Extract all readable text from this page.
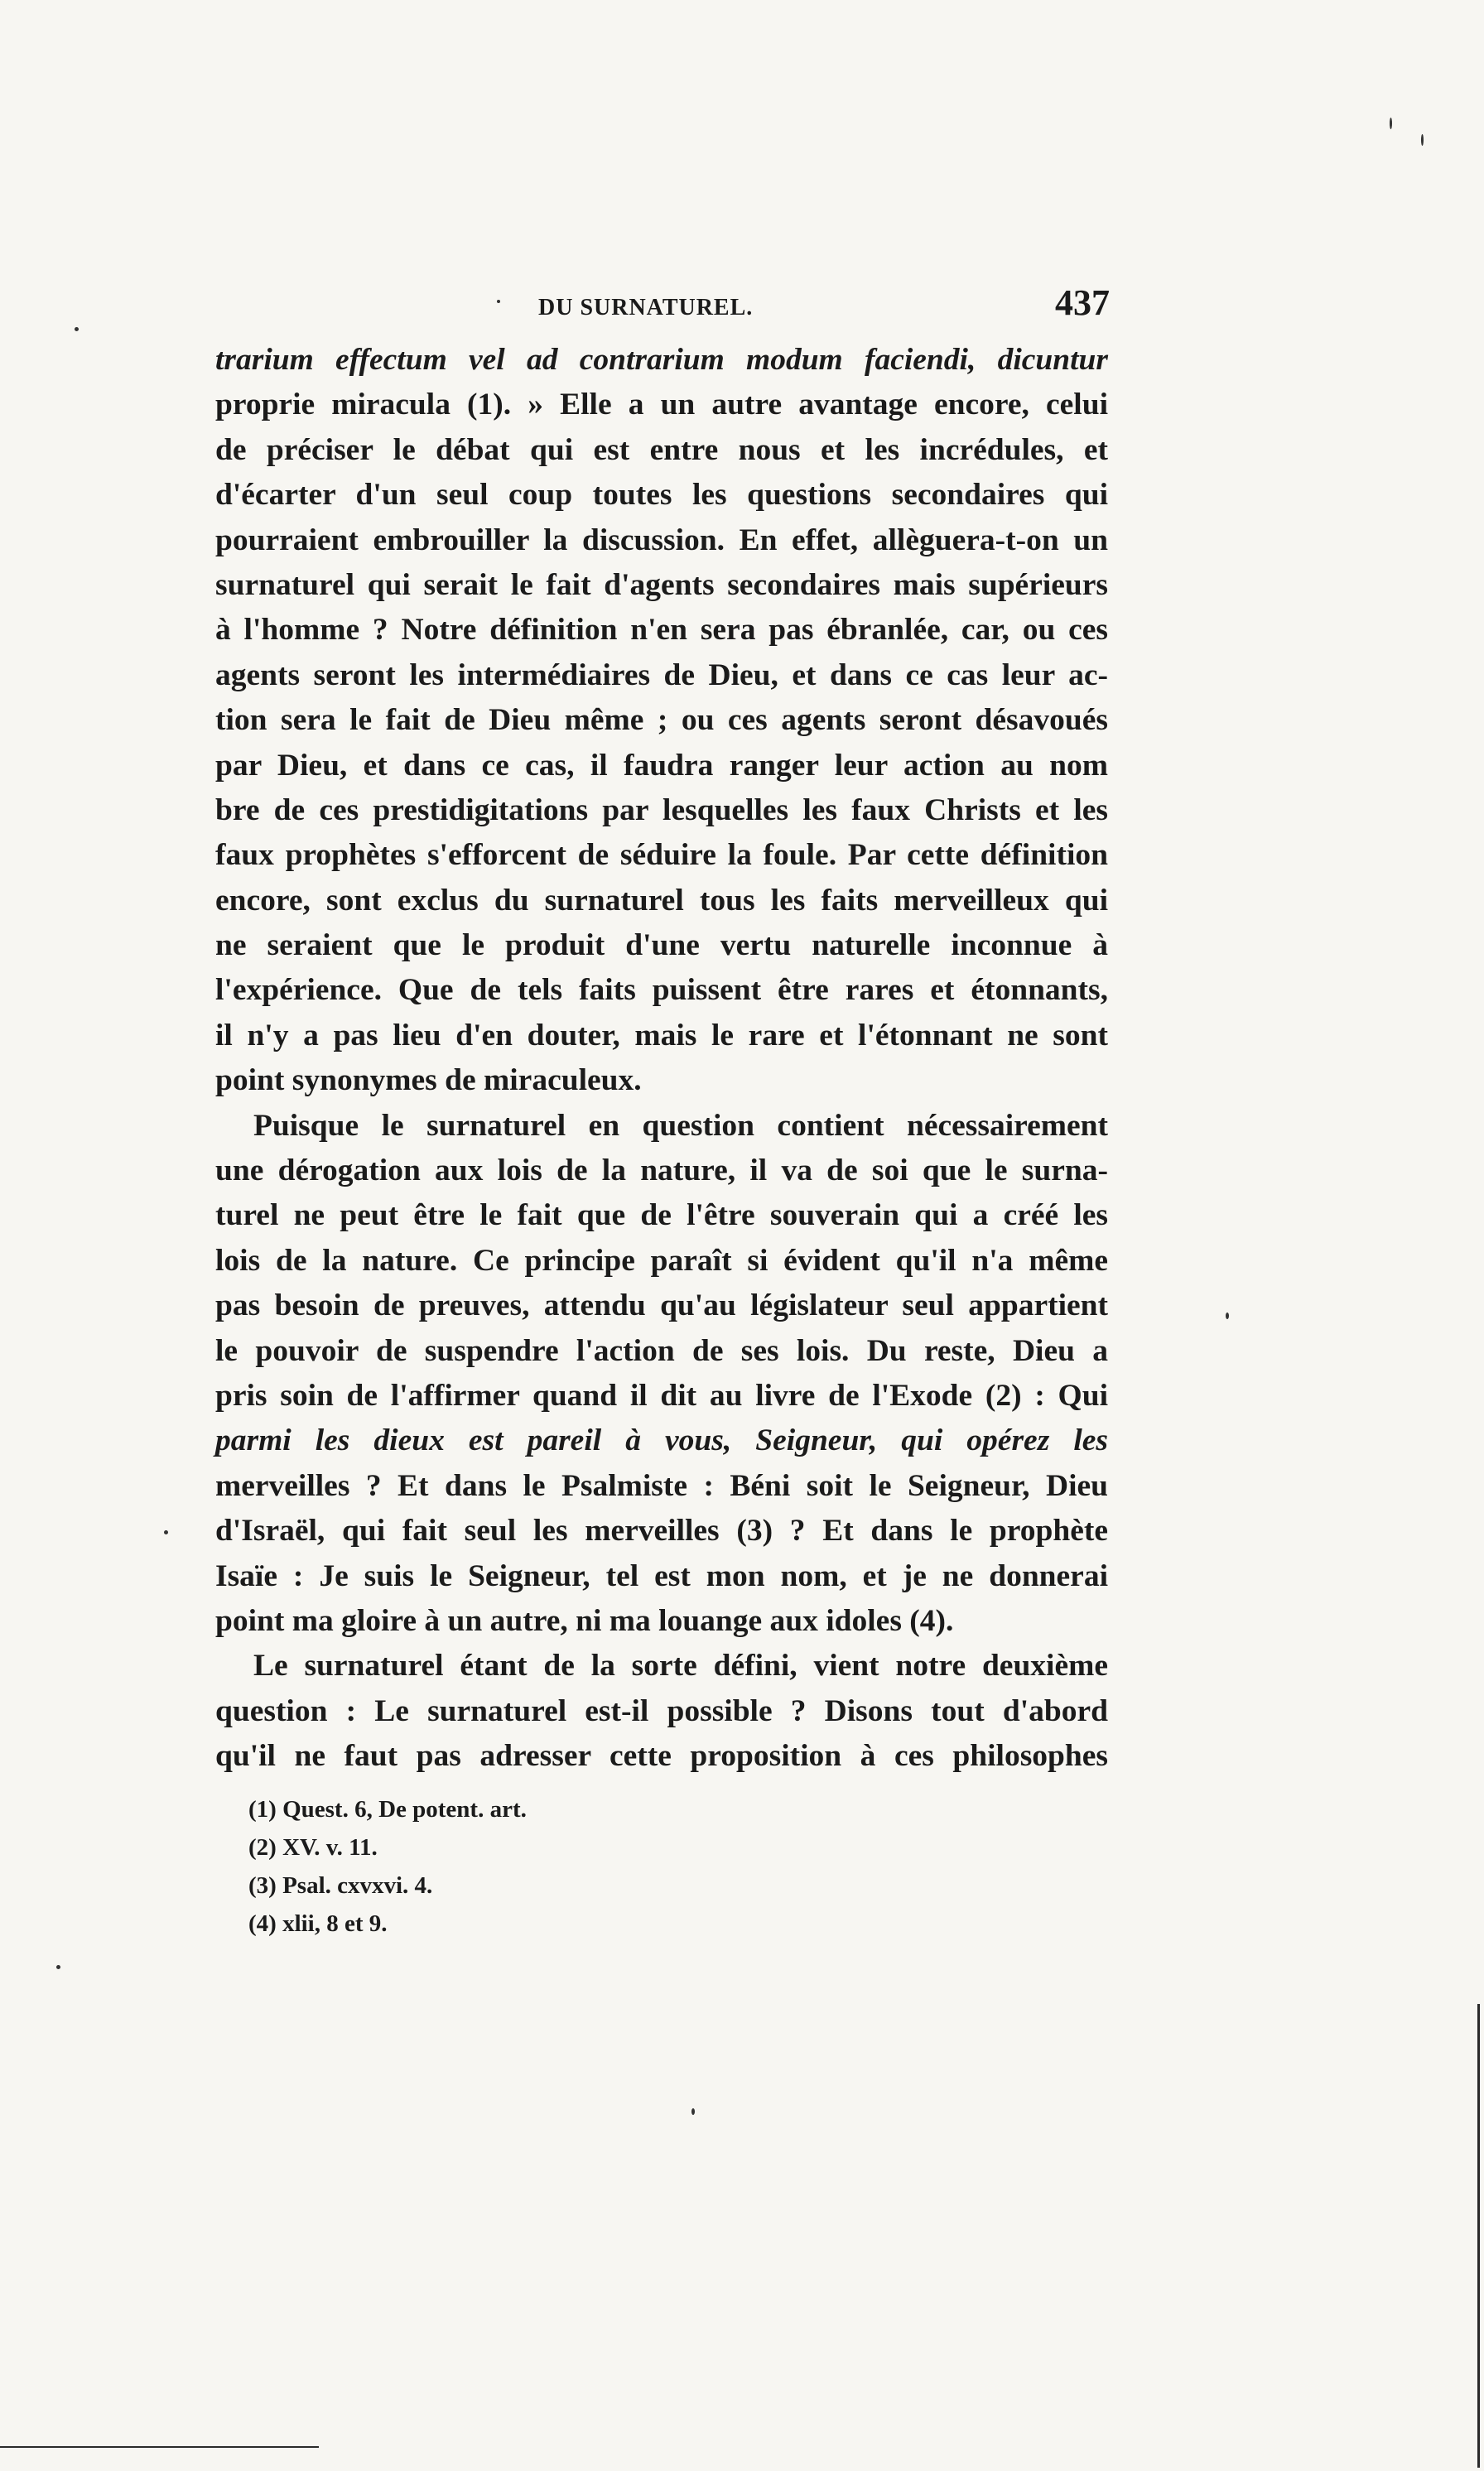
DU SURNATUREL.	437
trarium effectum vel ad contrarium modum faciendi, dicuntur
proprie miracula (1). » Elle a un autre avantage encore, celui
de préciser le débat qui est entre nous et les incrédules, et
d'écarter d'un seul coup toutes les questions secondaires qui
pourraient embrouiller la discussion. En effet, allèguera-t-on un
surnaturel qui serait le fait d'agents secondaires mais supérieurs
à l'homme ? Notre définition n'en sera pas ébranlée, car, ou ces
agents seront les intermédiaires de Dieu, et dans ce cas leur ac-
tion sera le fait de Dieu même ; ou ces agents seront désavoués
par Dieu, et dans ce cas, il faudra ranger leur action au nom
bre de ces prestidigitations par lesquelles les faux Christs et les
faux prophètes s'efforcent de séduire la foule. Par cette définition
encore, sont exclus du surnaturel tous les faits merveilleux qui
ne seraient que le produit d'une vertu naturelle inconnue à
l'expérience. Que de tels faits puissent être rares et étonnants,
il n'y a pas lieu d'en douter, mais le rare et l'étonnant ne sont
point synonymes de miraculeux.
Puisque le surnaturel en question contient nécessairement
une dérogation aux lois de la nature, il va de soi que le surna-
turel ne peut être le fait que de l'être souverain qui a créé les
lois de la nature. Ce principe paraît si évident qu'il n'a même
pas besoin de preuves, attendu qu'au législateur seul appartient
le pouvoir de suspendre l'action de ses lois. Du reste, Dieu a
pris soin de l'affirmer quand il dit au livre de l'Exode (2) : Qui
parmi les dieux est pareil à vous, Seigneur, qui opérez les
merveilles ? Et dans le Psalmiste : Béni soit le Seigneur, Dieu
d'Israël, qui fait seul les merveilles (3) ? Et dans le prophète
Isaïe : Je suis le Seigneur, tel est mon nom, et je ne donnerai
point ma gloire à un autre, ni ma louange aux idoles (4).
Le surnaturel étant de la sorte défini, vient notre deuxième
question : Le surnaturel est-il possible ? Disons tout d'abord
qu'il ne faut pas adresser cette proposition à ces philosophes
(1) Quest. 6, De potent. art.
(2) XV. v. 11.
(3) Psal. cxvxvi. 4.
(4) xlii, 8 et 9.
